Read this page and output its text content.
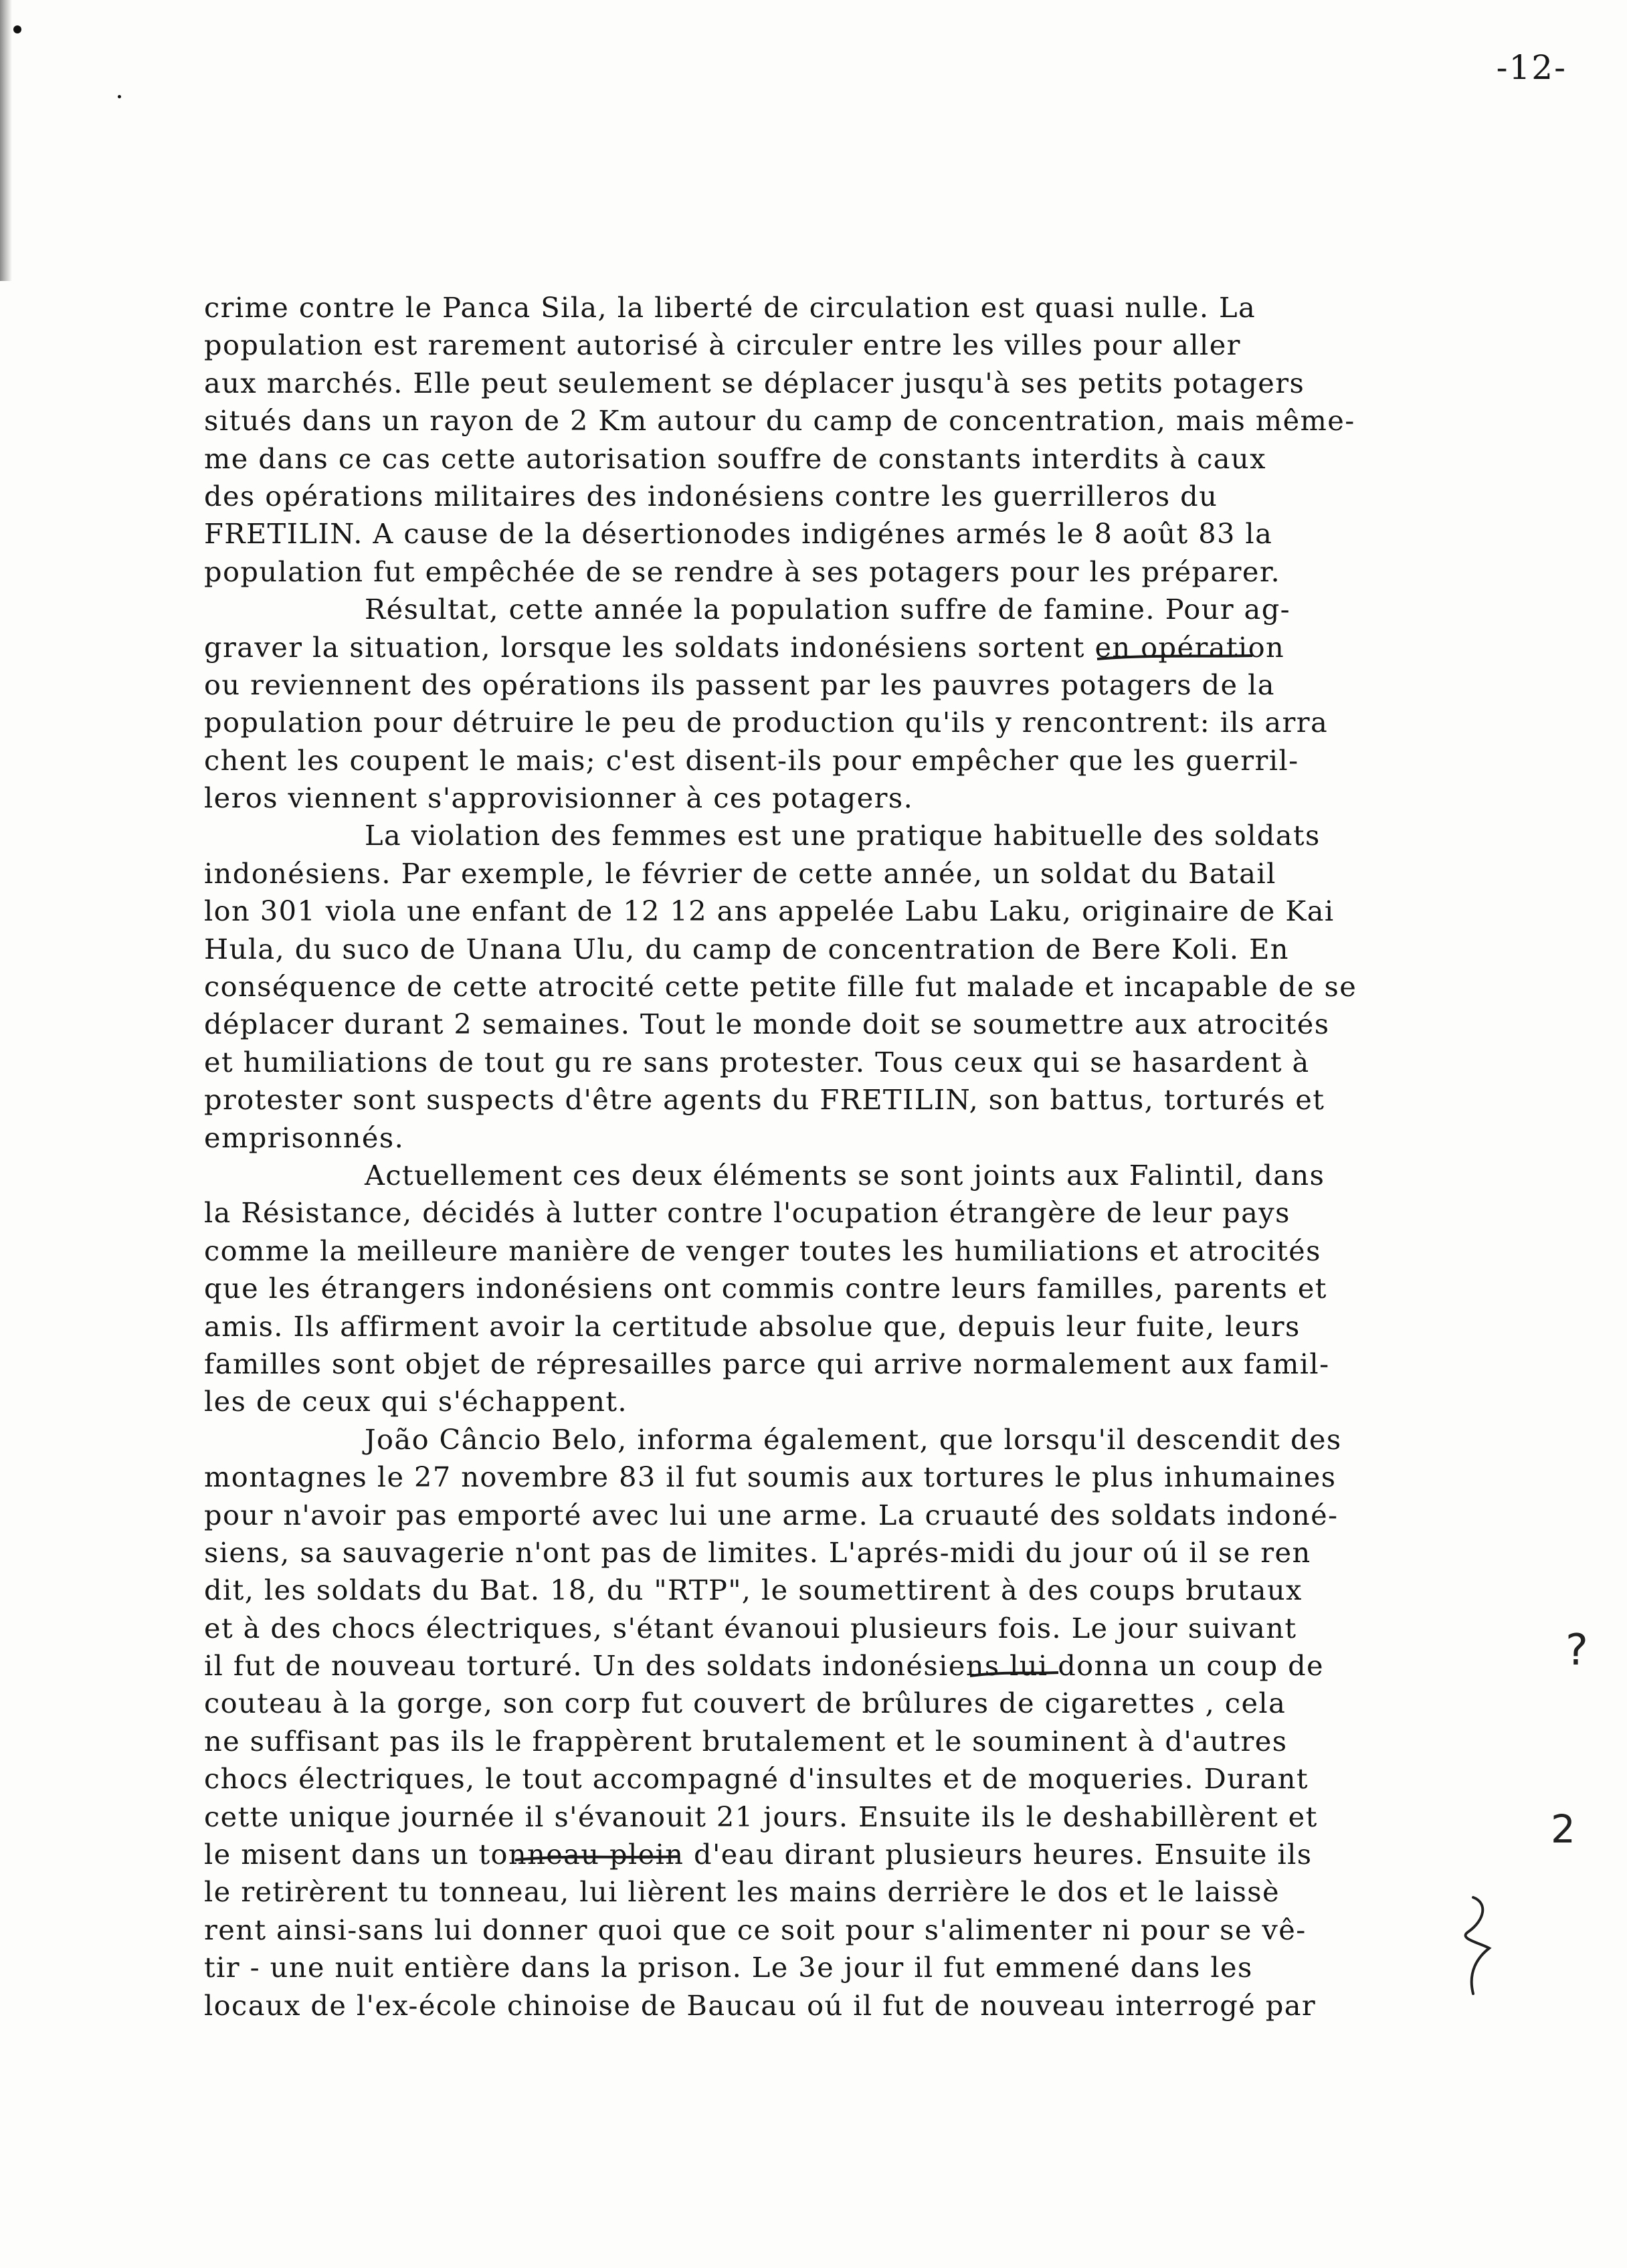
-12-
crime contre le Panca Sila, la liberté de circulation est quasi nulle. La
population est rarement autorisé à circuler entre les villes pour aller
aux marchés. Elle peut seulement se déplacer jusqu'à ses petits potagers
situés dans un rayon de 2 Km autour du camp de concentration, mais même-
me dans ce cas cette autorisation souffre de constants interdits à caux
des opérations militaires des indonésiens contre les guerrilleros du
FRETILIN. A cause de la désertionodes indigénes armés le 8 août 83 la
population fut empêchée de se rendre à ses potagers pour les préparer.
Résultat, cette année la population suffre de famine. Pour ag-
graver la situation, lorsque les soldats indonésiens sortent en opération
ou reviennent des opérations ils passent par les pauvres potagers de la
population pour détruire le peu de production qu'ils y rencontrent: ils arra
chent les coupent le mais; c'est disent-ils pour empêcher que les guerril-
leros viennent s'approvisionner à ces potagers.
La violation des femmes est une pratique habituelle des soldats
indonésiens. Par exemple, le février de cette année, un soldat du Batail
lon 301 viola une enfant de 12 12 ans appelée Labu Laku, originaire de Kai
Hula, du suco de Unana Ulu, du camp de concentration de Bere Koli. En
conséquence de cette atrocité cette petite fille fut malade et incapable de se
déplacer durant 2 semaines. Tout le monde doit se soumettre aux atrocités
et humiliations de tout gu re sans protester. Tous ceux qui se hasardent à
protester sont suspects d'être agents du FRETILIN, son battus, torturés et
emprisonnés.
Actuellement ces deux éléments se sont joints aux Falintil, dans
la Résistance, décidés à lutter contre l'ocupation étrangère de leur pays
comme la meilleure manière de venger toutes les humiliations et atrocités
que les étrangers indonésiens ont commis contre leurs familles, parents et
amis. Ils affirment avoir la certitude absolue que, depuis leur fuite, leurs
familles sont objet de répresailles parce qui arrive normalement aux famil-
les de ceux qui s'échappent.
João Câncio Belo, informa également, que lorsqu'il descendit des
montagnes le 27 novembre 83 il fut soumis aux tortures le plus inhumaines
pour n'avoir pas emporté avec lui une arme. La cruauté des soldats indoné-
siens, sa sauvagerie n'ont pas de limites. L'aprés-midi du jour oú il se ren
dit, les soldats du Bat. 18, du "RTP", le soumettirent à des coups brutaux
et à des chocs électriques, s'étant évanoui plusieurs fois. Le jour suivant
il fut de nouveau torturé. Un des soldats indonésiens lui donna un coup de
couteau à la gorge, son corp fut couvert de brûlures de cigarettes , cela
ne suffisant pas ils le frappèrent brutalement et le souminent à d'autres
chocs électriques, le tout accompagné d'insultes et de moqueries. Durant
cette unique journée il s'évanouit 21 jours. Ensuite ils le deshabillèrent et
le misent dans un tonneau plein d'eau dirant plusieurs heures. Ensuite ils
le retirèrent tu tonneau, lui lièrent les mains derrière le dos et le laissè
rent ainsi-sans lui donner quoi que ce soit pour s'alimenter ni pour se vê-
tir - une nuit entière dans la prison. Le 3e jour il fut emmené dans les
locaux de l'ex-école chinoise de Baucau oú il fut de nouveau interrogé par
?
2
